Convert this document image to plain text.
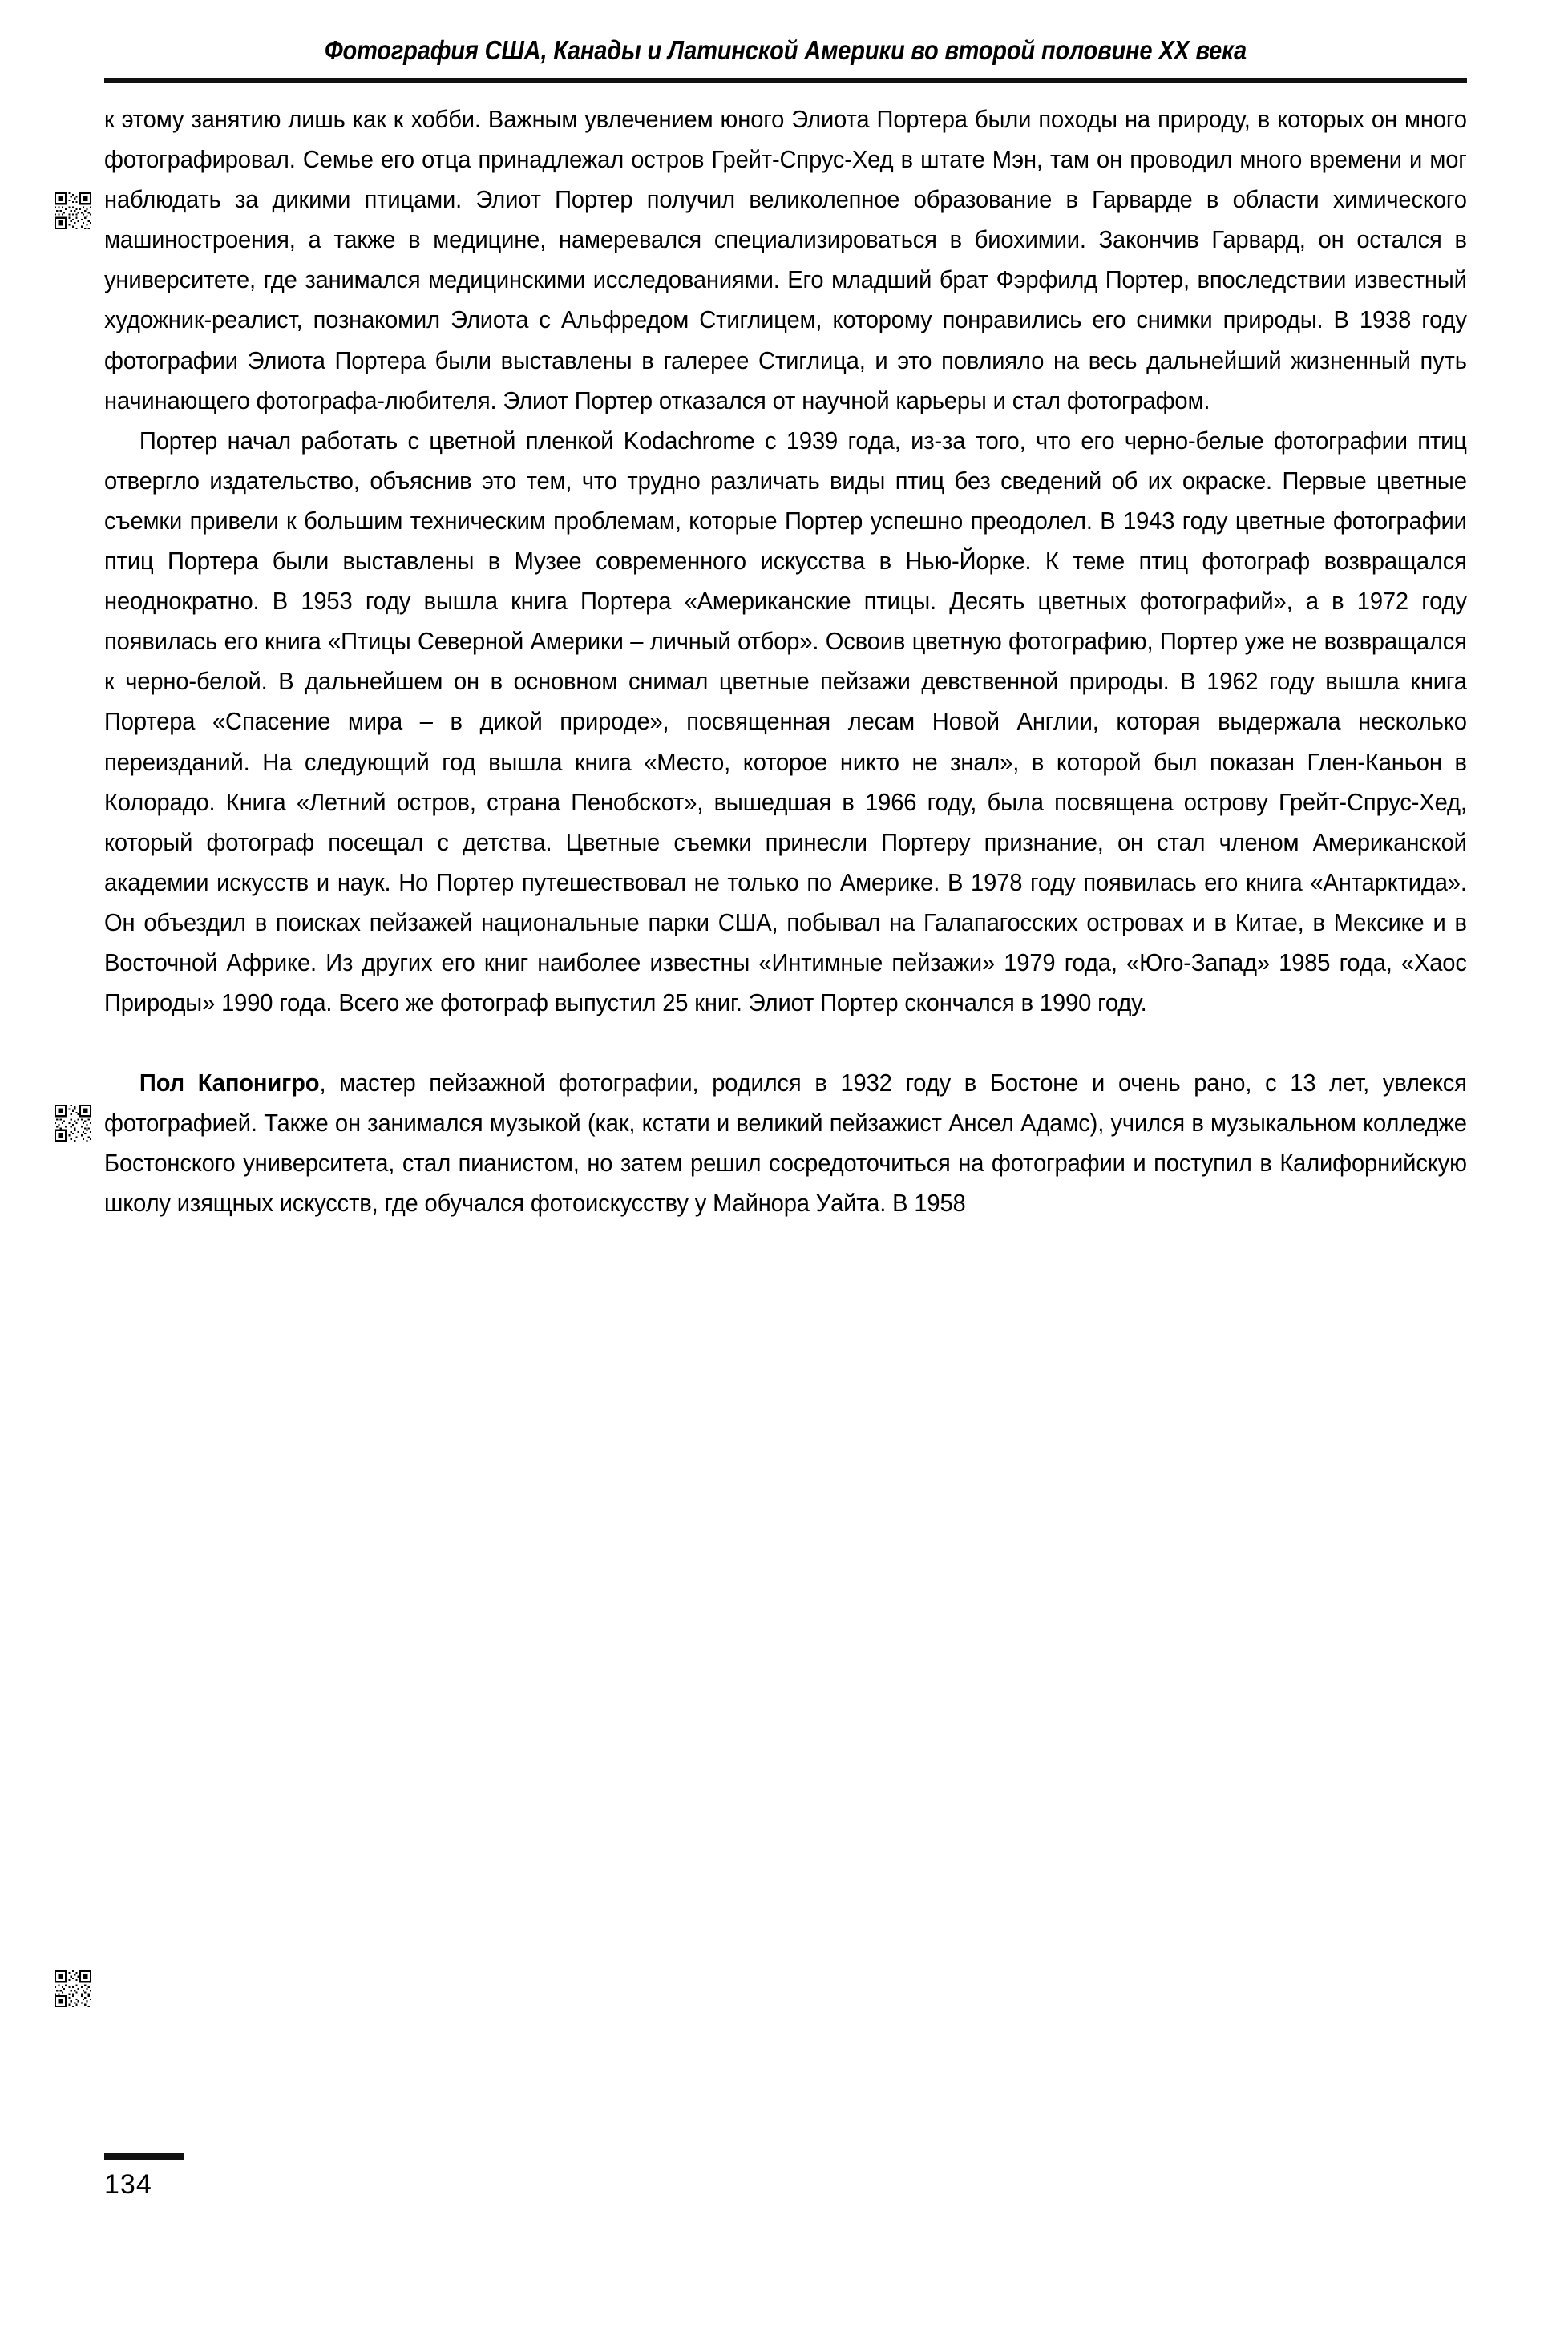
Фотография США, Канады и Латинской Америки во второй половине XX века

к этому занятию лишь как к хобби. Важным увлечением юного Элиота Портера были походы на природу, в которых он много фотографировал. Семье его отца принадлежал остров Грейт-Спрус-Хед в штате Мэн, там он проводил много времени и мог наблюдать за дикими птицами. Элиот Портер получил великолепное образование в Гарварде в области химического машиностроения, а также в медицине, намеревался специализироваться в биохимии. Закончив Гарвард, он остался в университете, где занимался медицинскими исследованиями. Его младший брат Фэрфилд Портер, впоследствии известный художник-реалист, познакомил Элиота с Альфредом Стиглицем, которому понравились его снимки природы. В 1938 году фотографии Элиота Портера были выставлены в галерее Стиглица, и это повлияло на весь дальнейший жизненный путь начинающего фотографа-любителя. Элиот Портер отказался от научной карьеры и стал фотографом.

Портер начал работать с цветной пленкой Kodachrome с 1939 года, из-за того, что его черно-белые фотографии птиц отвергло издательство, объяснив это тем, что трудно различать виды птиц без сведений об их окраске. Первые цветные съемки привели к большим техническим проблемам, которые Портер успешно преодолел. В 1943 году цветные фотографии птиц Портера были выставлены в Музее современного искусства в Нью-Йорке. К теме птиц фотограф возвращался неоднократно. В 1953 году вышла книга Портера «Американские птицы. Десять цветных фотографий», а в 1972 году появилась его книга «Птицы Северной Америки – личный отбор». Освоив цветную фотографию, Портер уже не возвращался к черно-белой. В дальнейшем он в основном снимал цветные пейзажи девственной природы. В 1962 году вышла книга Портера «Спасение мира – в дикой природе», посвященная лесам Новой Англии, которая выдержала несколько переизданий. На следующий год вышла книга «Место, которое никто не знал», в которой был показан Глен-Каньон в Колорадо. Книга «Летний остров, страна Пенобскот», вышедшая в 1966 году, была посвящена острову Грейт-Спрус-Хед, который фотограф посещал с детства. Цветные съемки принесли Портеру признание, он стал членом Американской академии искусств и наук. Но Портер путешествовал не только по Америке. В 1978 году появилась его книга «Антарктида». Он объездил в поисках пейзажей национальные парки США, побывал на Галапагосских островах и в Китае, в Мексике и в Восточной Африке. Из других его книг наиболее известны «Интимные пейзажи» 1979 года, «Юго-Запад» 1985 года, «Хаос Природы» 1990 года. Всего же фотограф выпустил 25 книг. Элиот Портер скончался в 1990 году.

Пол Капонигро, мастер пейзажной фотографии, родился в 1932 году в Бостоне и очень рано, с 13 лет, увлекся фотографией. Также он занимался музыкой (как, кстати и великий пейзажист Ансел Адамс), учился в музыкальном колледже Бостонского университета, стал пианистом, но затем решил сосредоточиться на фотографии и поступил в Калифорнийскую школу изящных искусств, где обучался фотоискусству у Майнора Уайта. В 1958

134
